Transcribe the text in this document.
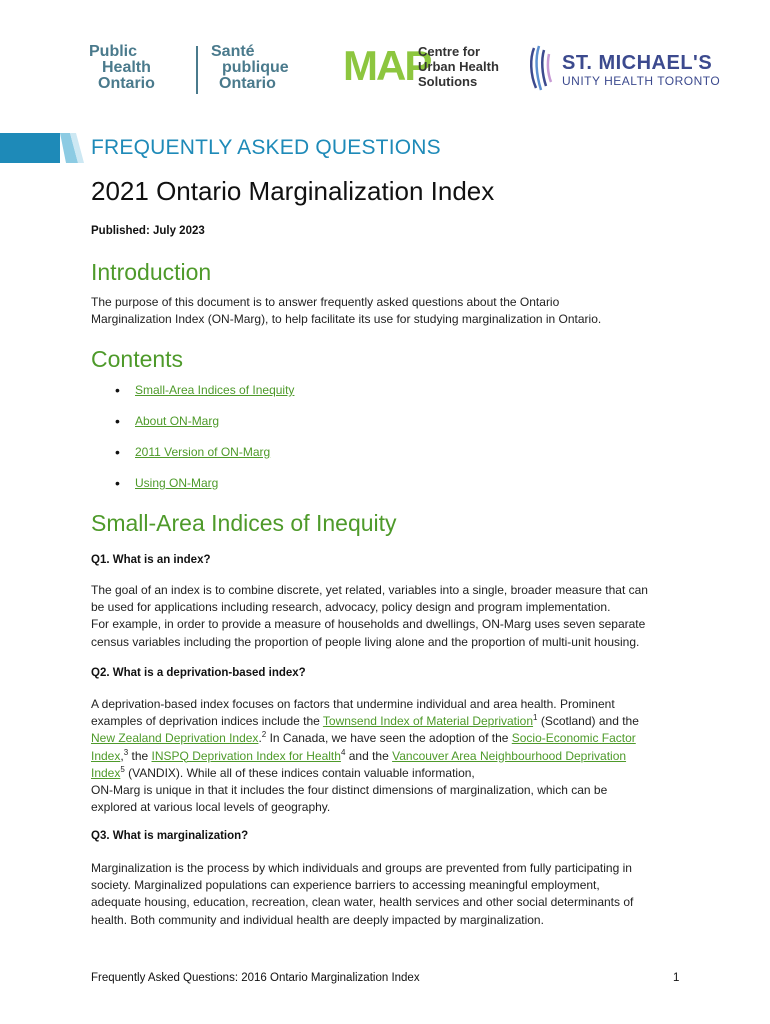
Public
Health
Ontario
Santé
publique
Ontario	MAP
Centre for
Urban Health
Solutions
ST. MICHAEL'S
UNITY HEALTH TORONTO
FREQUENTLY ASKED QUESTIONS
2021 Ontario Marginalization Index
Published: July 2023
Introduction
The purpose of this document is to answer frequently asked questions about the Ontario
Marginalization Index (ON-Marg), to help facilitate its use for studying marginalization in Ontario.
Contents
• Small-Area Indices of Inequity
• About ON-Marg
• 2011 Version of ON-Marg
• Using ON-Marg
Small-Area Indices of Inequity
Q1. What is an index?
The goal of an index is to combine discrete, yet related, variables into a single, broader measure that can
be used for applications including research, advocacy, policy design and program implementation.
For example, in order to provide a measure of households and dwellings, ON-Marg uses seven separate
census variables including the proportion of people living alone and the proportion of multi-unit housing.
Q2. What is a deprivation-based index?
A deprivation-based index focuses on factors that undermine individual and area health. Prominent
examples of deprivation indices include the Townsend Index of Material Deprivation$^1$ (Scotland) and the
New Zealand Deprivation Index.$^2$ In Canada, we have seen the adoption of the Socio-Economic Factor
Index,$^3$ the INSPQ Deprivation Index for Health$^4$ and the Vancouver Area Neighbourhood Deprivation
Index$^5$ (VANDIX). While all of these indices contain valuable information,
ON-Marg is unique in that it includes the four distinct dimensions of marginalization, which can be
explored at various local levels of geography.
Q3. What is marginalization?
Marginalization is the process by which individuals and groups are prevented from fully participating in
society. Marginalized populations can experience barriers to accessing meaningful employment,
adequate housing, education, recreation, clean water, health services and other social determinants of
health. Both community and individual health are deeply impacted by marginalization.
Frequently Asked Questions: 2016 Ontario Marginalization Index	1
